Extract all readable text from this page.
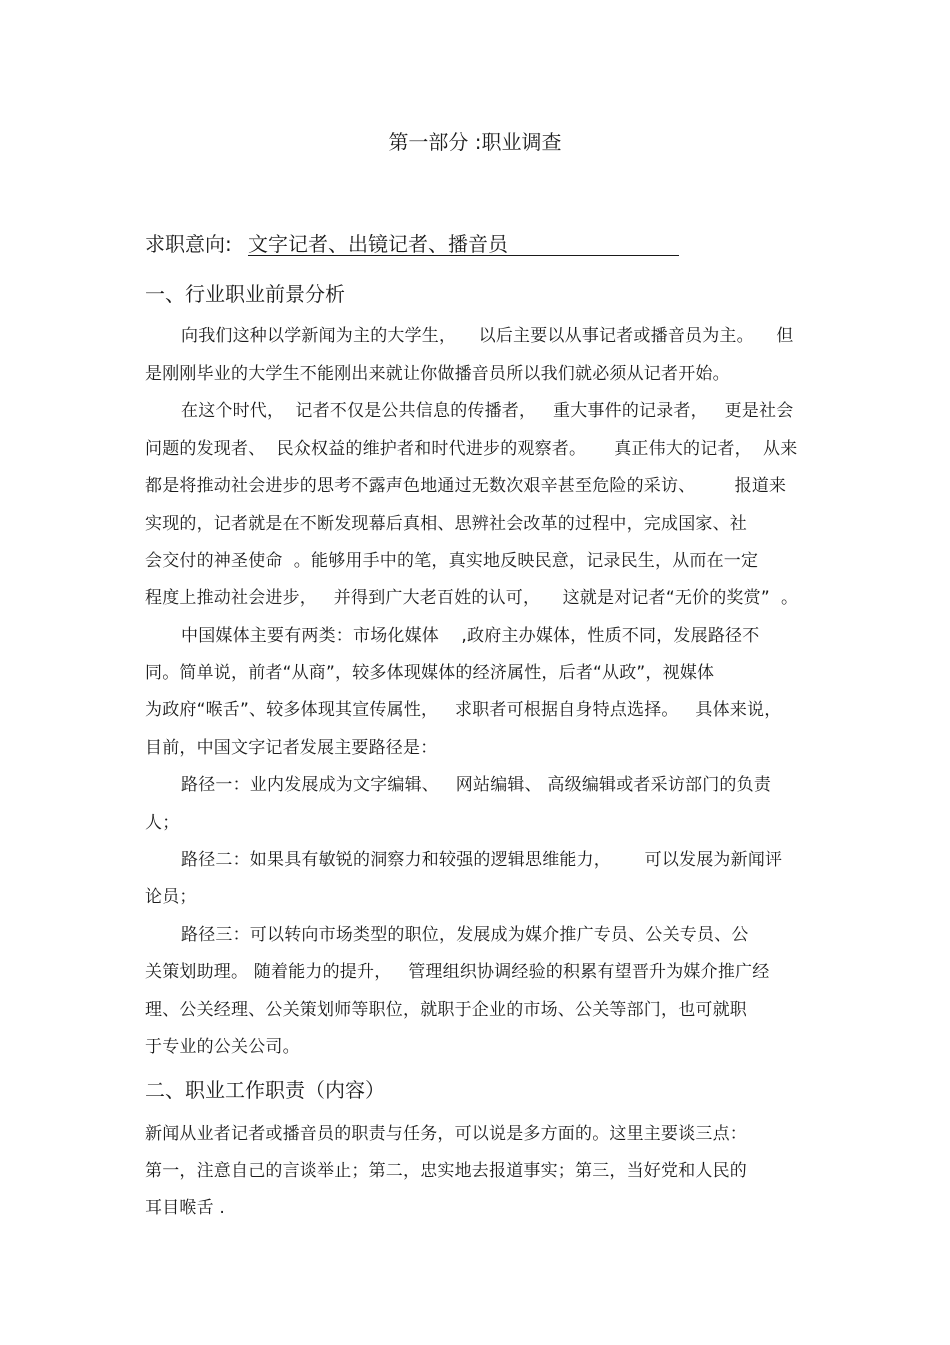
第一部分 :职业调查
求职意向: 文字记者、出镜记者、播音员
一、行业职业前景分析
向我们这种以学新闻为主的大学生，    以后主要以从事记者或播音员为主。    但
是刚刚毕业的大学生不能刚出来就让你做播音员所以我们就必须从记者开始。
在这个时代，  记者不仅是公共信息的传播者，   重大事件的记录者，   更是社会
问题的发现者、  民众权益的维护者和时代进步的观察者。     真正伟大的记者，  从来
都是将推动社会进步的思考不露声色地通过无数次艰辛甚至危险的采访、       报道来
实现的，记者就是在不断发现幕后真相、思辨社会改革的过程中，完成国家、社
会交付的神圣使命  。能够用手中的笔，真实地反映民意，记录民生，从而在一定
程度上推动社会进步，   并得到广大老百姓的认可，    这就是对记者“无价的奖赏”  。
中国媒体主要有两类：市场化媒体    ,政府主办媒体，性质不同，发展路径不
同。简单说，前者“从商”，较多体现媒体的经济属性，后者“从政”，视媒体
为政府“喉舌”、较多体现其宣传属性，   求职者可根据自身特点选择。   具体来说，
目前，中国文字记者发展主要路径是：
路径一：业内发展成为文字编辑、   网站编辑、 高级编辑或者采访部门的负责
人；
路径二：如果具有敏锐的洞察力和较强的逻辑思维能力，      可以发展为新闻评
论员；
路径三：可以转向市场类型的职位，发展成为媒介推广专员、公关专员、公
关策划助理。 随着能力的提升，   管理组织协调经验的积累有望晋升为媒介推广经
理、公关经理、公关策划师等职位，就职于企业的市场、公关等部门，也可就职
于专业的公关公司。
二、职业工作职责（内容）
新闻从业者记者或播音员的职责与任务，可以说是多方面的。这里主要谈三点：
第一，注意自己的言谈举止；第二，忠实地去报道事实；第三，当好党和人民的
耳目喉舌 .
